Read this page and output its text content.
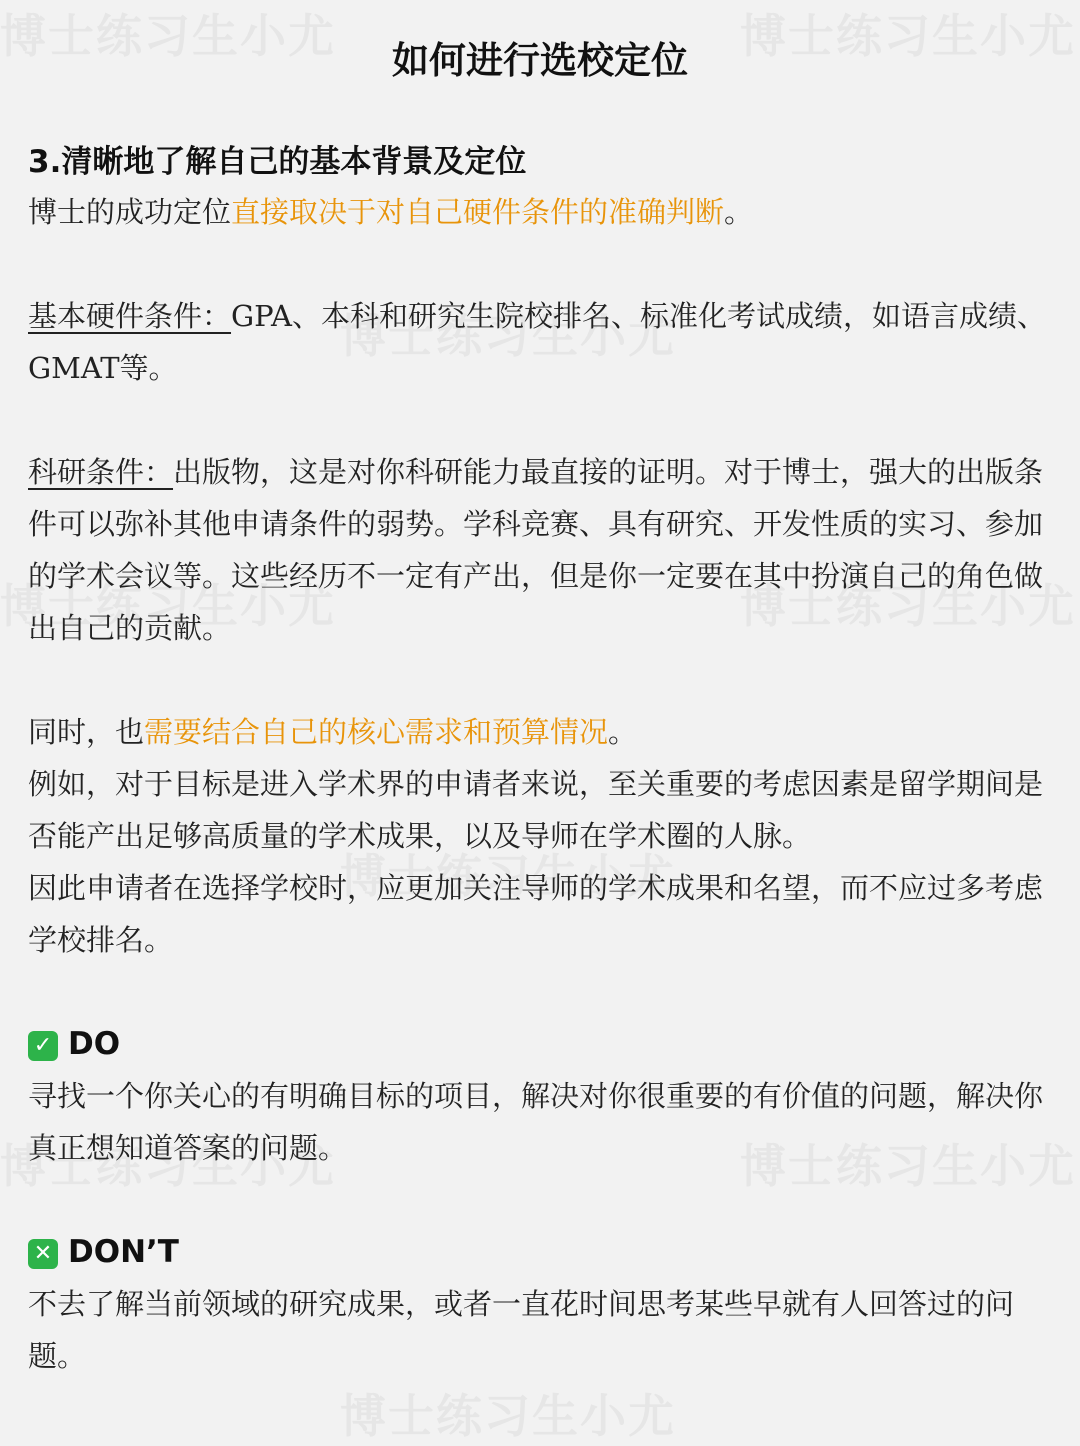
如何进行选校定位
3.清晰地了解自己的基本背景及定位

博士的成功定位直接取决于对自己硬件条件的准确判断。

基本硬件条件：GPA、本科和研究生院校排名、标准化考试成绩，如语言成绩、GMAT等。

科研条件：出版物，这是对你科研能力最直接的证明。对于博士，强大的出版条件可以弥补其他申请条件的弱势。学科竞赛、具有研究、开发性质的实习、参加的学术会议等。这些经历不一定有产出，但是你一定要在其中扮演自己的角色做出自己的贡献。

同时，也需要结合自己的核心需求和预算情况。

例如，对于目标是进入学术界的申请者来说，至关重要的考虑因素是留学期间是否能产出足够高质量的学术成果，以及导师在学术圈的人脉。

因此申请者在选择学校时，应更加关注导师的学术成果和名望，而不应过多考虑学校排名。

✓ DO

寻找一个你关心的有明确目标的项目，解决对你很重要的有价值的问题，解决你真正想知道答案的问题。

✕ DON’T

不去了解当前领域的研究成果，或者一直花时间思考某些早就有人回答过的问题。
